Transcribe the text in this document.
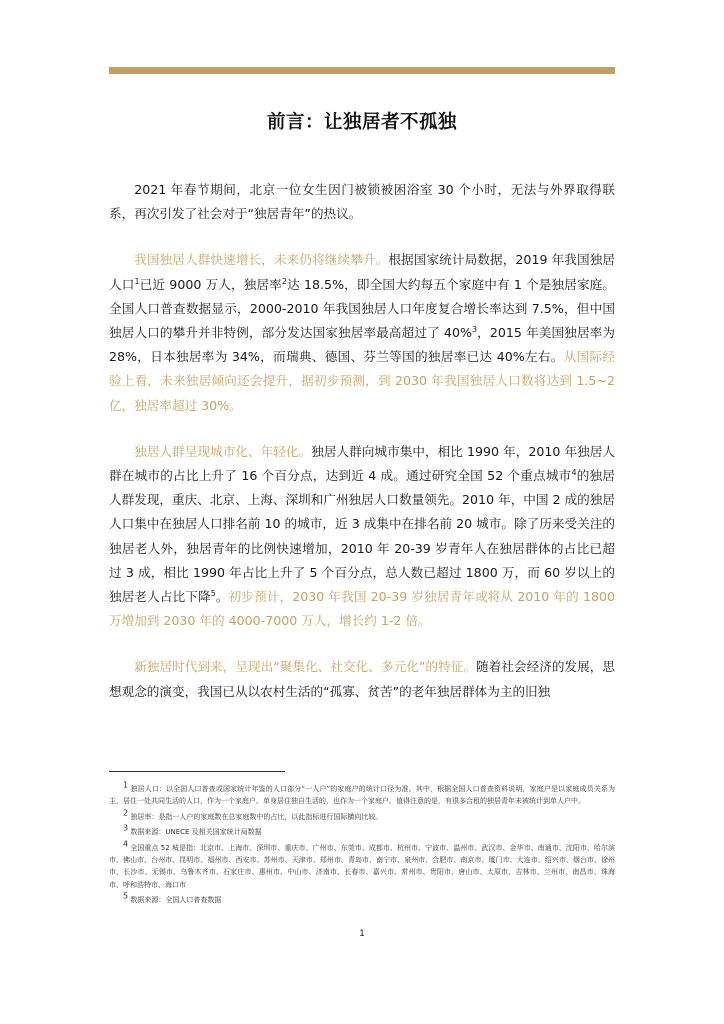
前言：让独居者不孤独

2021 年春节期间，北京一位女生因门被锁被困浴室 30 个小时，无法与外界取得联系，再次引发了社会对于“独居青年”的热议。

我国独居人群快速增长，未来仍将继续攀升。根据国家统计局数据，2019 年我国独居人口$^1$已近 9000 万人，独居率$^2$达 18.5%，即全国大约每五个家庭中有 1 个是独居家庭。全国人口普查数据显示，2000-2010 年我国独居人口年度复合增长率达到 7.5%，但中国独居人口的攀升并非特例，部分发达国家独居率最高超过了 40%$^3$，2015 年美国独居率为 28%，日本独居率为 34%，而瑞典、德国、芬兰等国的独居率已达 40%左右。从国际经验上看，未来独居倾向还会提升，据初步预测，到 2030 年我国独居人口数将达到 1.5~2 亿，独居率超过 30%。

独居人群呈现城市化、年轻化。独居人群向城市集中，相比 1990 年，2010 年独居人群在城市的占比上升了 16 个百分点，达到近 4 成。通过研究全国 52 个重点城市$^4$的独居人群发现，重庆、北京、上海、深圳和广州独居人口数量领先。2010 年，中国 2 成的独居人口集中在独居人口排名前 10 的城市，近 3 成集中在排名前 20 城市。除了历来受关注的独居老人外，独居青年的比例快速增加，2010 年 20-39 岁青年人在独居群体的占比已超过 3 成，相比 1990 年占比上升了 5 个百分点，总人数已超过 1800 万，而 60 岁以上的独居老人占比下降$^5$。初步预计，2030 年我国 20-39 岁独居青年或将从 2010 年的 1800 万增加到 2030 年的 4000-7000 万人，增长约 1-2 倍。

新独居时代到来，呈现出“聚集化、社交化、多元化”的特征。随着社会经济的发展，思想观念的演变，我国已从以农村生活的“孤寡、贫苦”的老年独居群体为主的旧独

$^1$ 独居人口：以全国人口普查或国家统计年鉴的人口部分“一人户”的家庭户的统计口径为准。其中，根据全国人口普查资料说明，家庭户是以家庭成员关系为主，居住一处共同生活的人口，作为一个家庭户。单身居住独自生活的，也作为一个家庭户。值得注意的是，有很多合租的独居青年未被统计到单人户中。
$^2$ 独居率：是指一人户的家庭数在总家庭数中的占比，以此指标进行国际横向比较。
$^3$ 数据来源：UNECE 及相关国家统计局数据
$^4$ 全国重点 52 城是指：北京市、上海市、深圳市、重庆市、广州市、东莞市、成都市、杭州市、宁波市、温州市、武汉市、金华市、南通市、沈阳市、哈尔滨市、佛山市、台州市、昆明市、福州市、西安市、苏州市、天津市、郑州市、青岛市、南宁市、泉州市、合肥市、南京市、厦门市、大连市、绍兴市、烟台市、徐州市、长沙市、无锡市、乌鲁木齐市、石家庄市、惠州市、中山市、济南市、长春市、嘉兴市、常州市、贵阳市、唐山市、太原市、吉林市、兰州市、南昌市、珠海市、呼和浩特市、海口市
$^5$ 数据来源：全国人口普查数据
1
